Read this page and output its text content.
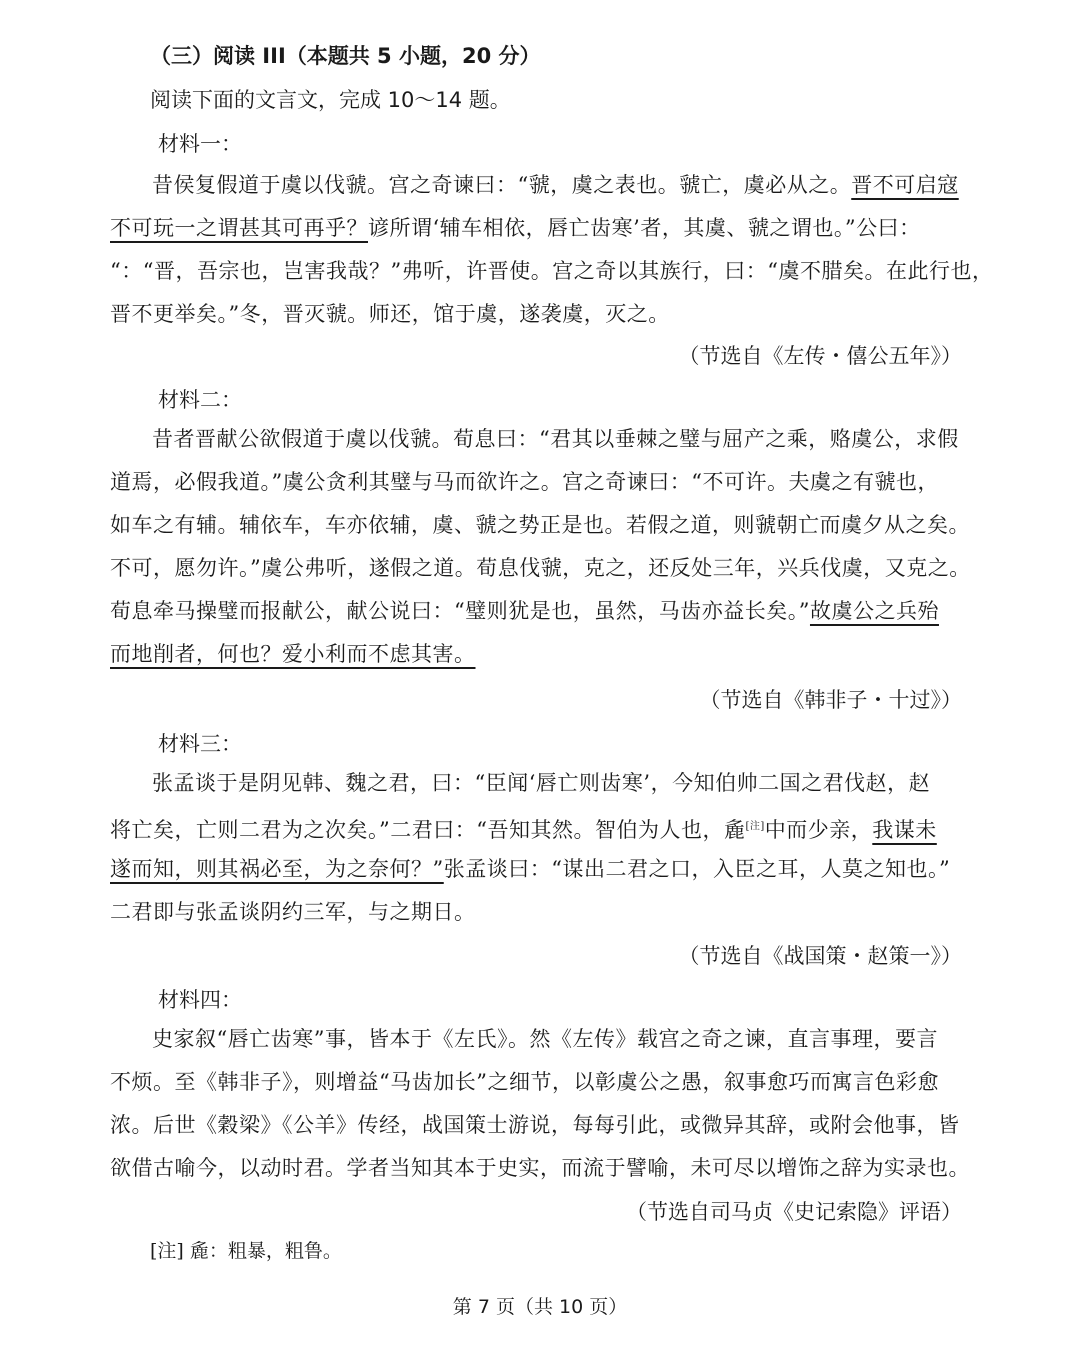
（三）阅读 III（本题共 5 小题，20 分）
阅读下面的文言文，完成 10～14 题。
材料一：
昔侯复假道于虞以伐虢。宫之奇谏曰：“虢，虞之表也。虢亡，虞必从之。晋不可启寇
不可玩一之谓甚其可再乎？谚所谓‘辅车相依，唇亡齿寒’者，其虞、虢之谓也。”公曰：
“：“晋，吾宗也，岂害我哉？”弗听，许晋使。宫之奇以其族行，曰：“虞不腊矣。在此行也，
晋不更举矣。”冬，晋灭虢。师还，馆于虞，遂袭虞，灭之。
（节选自《左传・僖公五年》）
材料二：
昔者晋献公欲假道于虞以伐虢。荀息曰：“君其以垂棘之璧与屈产之乘，赂虞公，求假
道焉，必假我道。”虞公贪利其璧与马而欲许之。宫之奇谏曰：“不可许。夫虞之有虢也，
如车之有辅。辅依车，车亦依辅，虞、虢之势正是也。若假之道，则虢朝亡而虞夕从之矣。
不可，愿勿许。”虞公弗听，遂假之道。荀息伐虢，克之，还反处三年，兴兵伐虞，又克之。
荀息牵马操璧而报献公，献公说曰：“璧则犹是也，虽然，马齿亦益长矣。”故虞公之兵殆
而地削者，何也？爱小利而不虑其害。
（节选自《韩非子・十过》）
材料三：
张孟谈于是阴见韩、魏之君，曰：“臣闻‘唇亡则齿寒’，今知伯帅二国之君伐赵，赵
将亡矣，亡则二君为之次矣。”二君曰：“吾知其然。智伯为人也，麁[注]中而少亲，我谋未
遂而知，则其祸必至，为之奈何？”张孟谈曰：“谋出二君之口，入臣之耳，人莫之知也。”
二君即与张孟谈阴约三军，与之期日。
（节选自《战国策・赵策一》）
材料四：
史家叙“唇亡齿寒”事，皆本于《左氏》。然《左传》载宫之奇之谏，直言事理，要言
不烦。至《韩非子》，则增益“马齿加长”之细节，以彰虞公之愚，叙事愈巧而寓言色彩愈
浓。后世《穀梁》《公羊》传经，战国策士游说，每每引此，或微异其辞，或附会他事，皆
欲借古喻今，以动时君。学者当知其本于史实，而流于譬喻，未可尽以增饰之辞为实录也。
（节选自司马贞《史记索隐》评语）
[注] 麁：粗暴，粗鲁。
第 7 页（共 10 页）
